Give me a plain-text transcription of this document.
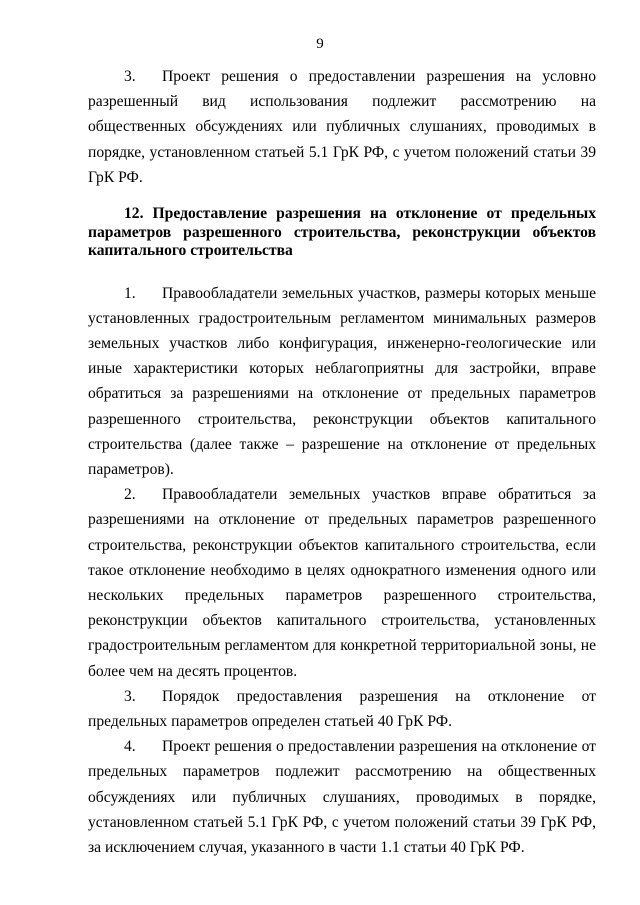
9

3. Проект решения о предоставлении разрешения на условно разрешенный вид использования подлежит рассмотрению на общественных обсуждениях или публичных слушаниях, проводимых в порядке, установленном статьей 5.1 ГрК РФ, с учетом положений статьи 39 ГрК РФ.

12. Предоставление разрешения на отклонение от предельных параметров разрешенного строительства, реконструкции объектов капитального строительства

1. Правообладатели земельных участков, размеры которых меньше установленных градостроительным регламентом минимальных размеров земельных участков либо конфигурация, инженерно-геологические или иные характеристики которых неблагоприятны для застройки, вправе обратиться за разрешениями на отклонение от предельных параметров разрешенного строительства, реконструкции объектов капитального строительства (далее также – разрешение на отклонение от предельных параметров).

2. Правообладатели земельных участков вправе обратиться за разрешениями на отклонение от предельных параметров разрешенного строительства, реконструкции объектов капитального строительства, если такое отклонение необходимо в целях однократного изменения одного или нескольких предельных параметров разрешенного строительства, реконструкции объектов капитального строительства, установленных градостроительным регламентом для конкретной территориальной зоны, не более чем на десять процентов.

3. Порядок предоставления разрешения на отклонение от предельных параметров определен статьей 40 ГрК РФ.

4. Проект решения о предоставлении разрешения на отклонение от предельных параметров подлежит рассмотрению на общественных обсуждениях или публичных слушаниях, проводимых в порядке, установленном статьей 5.1 ГрК РФ, с учетом положений статьи 39 ГрК РФ, за исключением случая, указанного в части 1.1 статьи 40 ГрК РФ.
